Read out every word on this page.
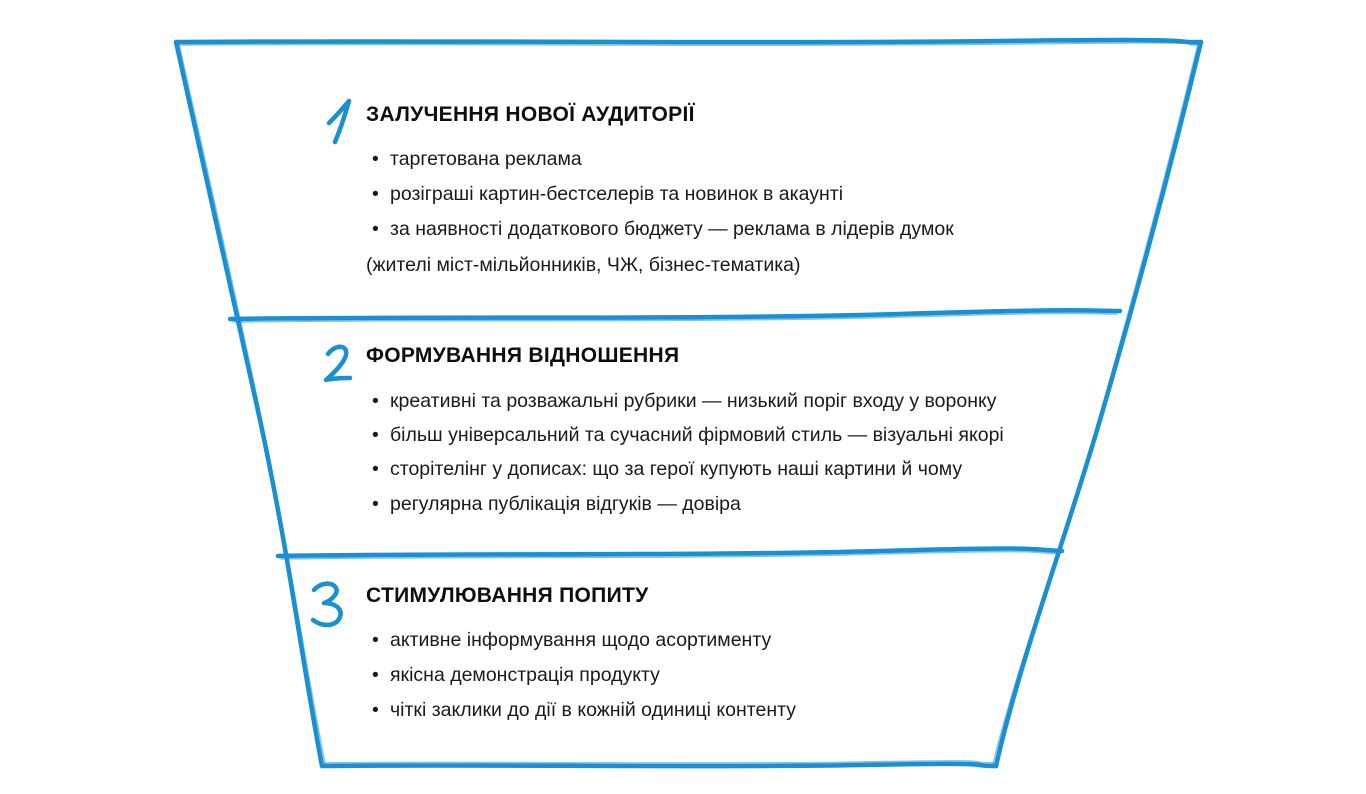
ЗАЛУЧЕННЯ НОВОЇ АУДИТОРІЇ
• таргетована реклама
• розіграші картин-бестселерів та новинок в акаунті
• за наявності додаткового бюджету — реклама в лідерів думок
(жителі міст-мільйонників, ЧЖ, бізнес-тематика)
ФОРМУВАННЯ ВІДНОШЕННЯ
• креативні та розважальні рубрики — низький поріг входу у воронку
• більш універсальний та сучасний фірмовий стиль — візуальні якорі
• сторітелінг у дописах: що за герої купують наші картини й чому
• регулярна публікація відгуків — довіра
СТИМУЛЮВАННЯ ПОПИТУ
• активне інформування щодо асортименту
• якісна демонстрація продукту
• чіткі заклики до дії в кожній одиниці контенту
